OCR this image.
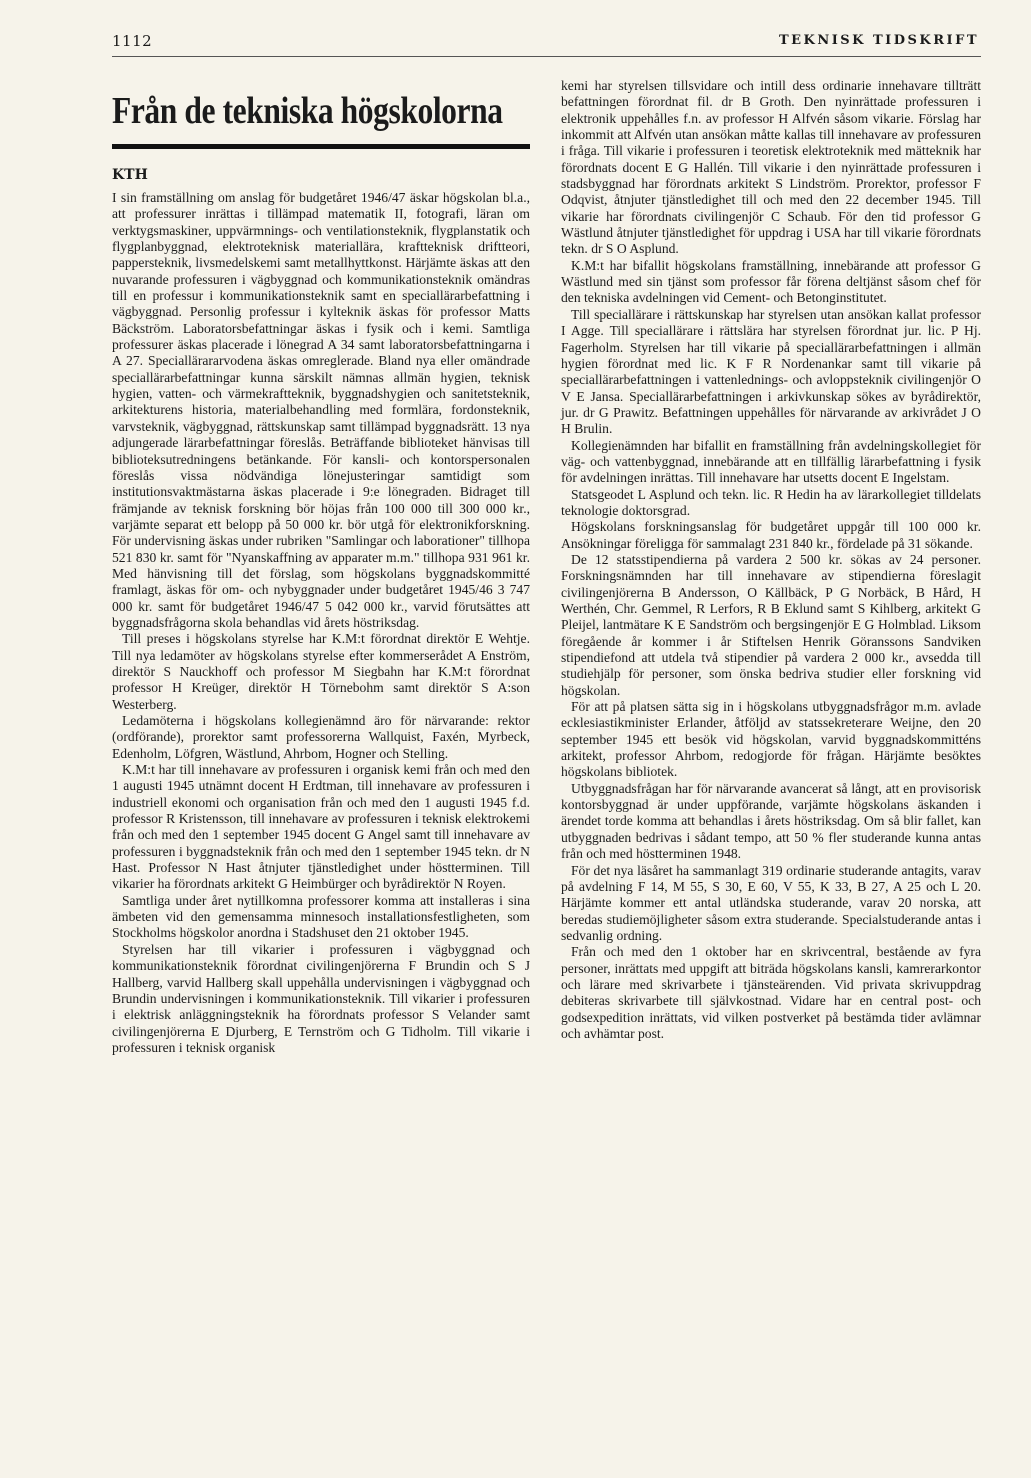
1112	TEKNISK TIDSKRIFT
Från de tekniska högskolorna
KTH

I sin framställning om anslag för budgetåret 1946/47 äskar högskolan bl.a., att professurer inrättas i tillämpad matematik II, fotografi, läran om verktygsmaskiner, uppvärmnings- och ventilationsteknik, flygplanstatik och flygplanbyggnad, elektroteknisk materiallära, kraftteknisk driftteori, pappersteknik, livsmedelskemi samt metallhyttkonst. Härjämte äskas att den nuvarande professuren i vägbyggnad och kommunikationsteknik omändras till en professur i kommunikationsteknik samt en speciallärarbefattning i vägbyggnad. Personlig professur i kylteknik äskas för professor Matts Bäckström. Laboratorsbefattningar äskas i fysik och i kemi. Samtliga professurer äskas placerade i lönegrad A 34 samt laboratorsbefattningarna i A 27. Speciallärararvodena äskas omreglerade. Bland nya eller omändrade speciallärarbefattningar kunna särskilt nämnas allmän hygien, teknisk hygien, vatten- och värmekraftteknik, byggnadshygien och sanitetsteknik, arkitekturens historia, materialbehandling med formlära, fordonsteknik, varvsteknik, vägbyggnad, rättskunskap samt tillämpad byggnadsrätt. 13 nya adjungerade lärarbefattningar föreslås. Beträffande biblioteket hänvisas till biblioteksutredningens betänkande. För kansli- och kontorspersonalen föreslås vissa nödvändiga lönejusteringar samtidigt som institutionsvaktmästarna äskas placerade i 9:e lönegraden. Bidraget till främjande av teknisk forskning bör höjas från 100 000 till 300 000 kr., varjämte separat ett belopp på 50 000 kr. bör utgå för elektronikforskning. För undervisning äskas under rubriken "Samlingar och laborationer" tillhopa 521 830 kr. samt för "Nyanskaffning av apparater m.m." tillhopa 931 961 kr. Med hänvisning till det förslag, som högskolans byggnadskommitté framlagt, äskas för om- och nybyggnader under budgetåret 1945/46 3 747 000 kr. samt för budgetåret 1946/47 5 042 000 kr., varvid förutsättes att byggnadsfrågorna skola behandlas vid årets höstriksdag.

Till preses i högskolans styrelse har K.M:t förordnat direktör E Wehtje. Till nya ledamöter av högskolans styrelse efter kommerserådet A Enström, direktör S Nauckhoff och professor M Siegbahn har K.M:t förordnat professor H Kreüger, direktör H Törnebohm samt direktör S A:son Westerberg.

Ledamöterna i högskolans kollegienämnd äro för närvarande: rektor (ordförande), prorektor samt professorerna Wallquist, Faxén, Myrbeck, Edenholm, Löfgren, Wästlund, Ahrbom, Hogner och Stelling.

K.M:t har till innehavare av professuren i organisk kemi från och med den 1 augusti 1945 utnämnt docent H Erdtman, till innehavare av professuren i industriell ekonomi och organisation från och med den 1 augusti 1945 f.d. professor R Kristensson, till innehavare av professuren i teknisk elektrokemi från och med den 1 september 1945 docent G Angel samt till innehavare av professuren i byggnadsteknik från och med den 1 september 1945 tekn. dr N Hast. Professor N Hast åtnjuter tjänstledighet under höstterminen. Till vikarier ha förordnats arkitekt G Heimbürger och byrådirektör N Royen.

Samtliga under året nytillkomna professorer komma att installeras i sina ämbeten vid den gemensamma minnesoch installationsfestligheten, som Stockholms högskolor anordna i Stadshuset den 21 oktober 1945.

Styrelsen har till vikarier i professuren i vägbyggnad och kommunikationsteknik förordnat civilingenjörerna F Brundin och S J Hallberg, varvid Hallberg skall uppehålla undervisningen i vägbyggnad och Brundin undervisningen i kommunikationsteknik. Till vikarier i professuren i elektrisk anläggningsteknik ha förordnats professor S Velander samt civilingenjörerna E Djurberg, E Ternström och G Tidholm. Till vikarie i professuren i teknisk organisk

kemi har styrelsen tillsvidare och intill dess ordinarie innehavare tillträtt befattningen förordnat fil. dr B Groth. Den nyinrättade professuren i elektronik uppehålles f.n. av professor H Alfvén såsom vikarie. Förslag har inkommit att Alfvén utan ansökan måtte kallas till innehavare av professuren i fråga. Till vikarie i professuren i teoretisk elektroteknik med mätteknik har förordnats docent E G Hallén. Till vikarie i den nyinrättade professuren i stadsbyggnad har förordnats arkitekt S Lindström. Prorektor, professor F Odqvist, åtnjuter tjänstledighet till och med den 22 december 1945. Till vikarie har förordnats civilingenjör C Schaub. För den tid professor G Wästlund åtnjuter tjänstledighet för uppdrag i USA har till vikarie förordnats tekn. dr S O Asplund.

K.M:t har bifallit högskolans framställning, innebärande att professor G Wästlund med sin tjänst som professor får förena deltjänst såsom chef för den tekniska avdelningen vid Cement- och Betonginstitutet.

Till speciallärare i rättskunskap har styrelsen utan ansökan kallat professor I Agge. Till speciallärare i rättslära har styrelsen förordnat jur. lic. P Hj. Fagerholm. Styrelsen har till vikarie på speciallärarbefattningen i allmän hygien förordnat med lic. K F R Nordenankar samt till vikarie på speciallärarbefattningen i vattenlednings- och avloppsteknik civilingenjör O V E Jansa. Speciallärarbefattningen i arkivkunskap sökes av byrådirektör, jur. dr G Prawitz. Befattningen uppehålles för närvarande av arkivrådet J O H Brulin.

Kollegienämnden har bifallit en framställning från avdelningskollegiet för väg- och vattenbyggnad, innebärande att en tillfällig lärarbefattning i fysik för avdelningen inrättas. Till innehavare har utsetts docent E Ingelstam.

Statsgeodet L Asplund och tekn. lic. R Hedin ha av lärarkollegiet tilldelats teknologie doktorsgrad.

Högskolans forskningsanslag för budgetåret uppgår till 100 000 kr. Ansökningar föreligga för sammalagt 231 840 kr., fördelade på 31 sökande.

De 12 statsstipendierna på vardera 2 500 kr. sökas av 24 personer. Forskningsnämnden har till innehavare av stipendierna föreslagit civilingenjörerna B Andersson, O Källbäck, P G Norbäck, B Hård, H Werthén, Chr. Gemmel, R Lerfors, R B Eklund samt S Kihlberg, arkitekt G Pleijel, lantmätare K E Sandström och bergsingenjör E G Holmblad. Liksom föregående år kommer i år Stiftelsen Henrik Göranssons Sandviken stipendiefond att utdela två stipendier på vardera 2 000 kr., avsedda till studiehjälp för personer, som önska bedriva studier eller forskning vid högskolan.

För att på platsen sätta sig in i högskolans utbyggnadsfrågor m.m. avlade ecklesiastikminister Erlander, åtföljd av statssekreterare Weijne, den 20 september 1945 ett besök vid högskolan, varvid byggnadskommitténs arkitekt, professor Ahrbom, redogjorde för frågan. Härjämte besöktes högskolans bibliotek.

Utbyggnadsfrågan har för närvarande avancerat så långt, att en provisorisk kontorsbyggnad är under uppförande, varjämte högskolans äskanden i ärendet torde komma att behandlas i årets höstriksdag. Om så blir fallet, kan utbyggnaden bedrivas i sådant tempo, att 50 % fler studerande kunna antas från och med höstterminen 1948.

För det nya läsåret ha sammanlagt 319 ordinarie studerande antagits, varav på avdelning F 14, M 55, S 30, E 60, V 55, K 33, B 27, A 25 och L 20. Härjämte kommer ett antal utländska studerande, varav 20 norska, att beredas studiemöjligheter såsom extra studerande. Specialstuderande antas i sedvanlig ordning.

Från och med den 1 oktober har en skrivcentral, bestående av fyra personer, inrättats med uppgift att biträda högskolans kansli, kamrerarkontor och lärare med skrivarbete i tjänsteärenden. Vid privata skrivuppdrag debiteras skrivarbete till självkostnad. Vidare har en central post- och godsexpedition inrättats, vid vilken postverket på bestämda tider avlämnar och avhämtar post.
